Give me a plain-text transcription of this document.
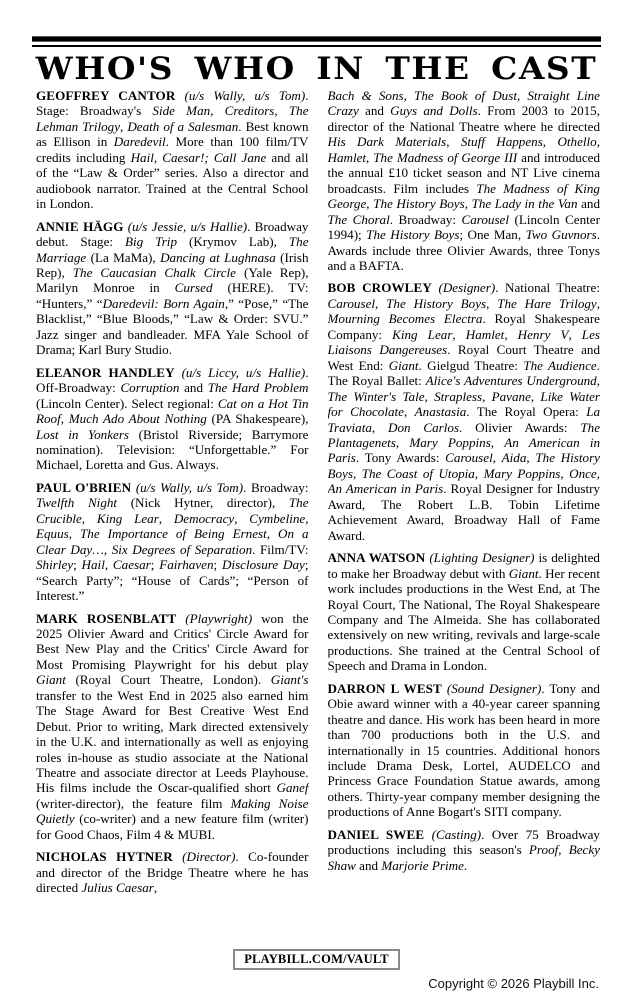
WHO'S WHO IN THE CAST

GEOFFREY CANTOR (u/s Wally, u/s Tom). Stage: Broadway's Side Man, Creditors, The Lehman Trilogy, Death of a Salesman. Best known as Ellison in Daredevil. More than 100 film/TV credits including Hail, Caesar!; Call Jane and all of the “Law & Order” series. Also a director and audiobook narrator. Trained at the Central School in London.

ANNIE HÄGG (u/s Jessie, u/s Hallie). Broadway debut. Stage: Big Trip (Krymov Lab), The Marriage (La MaMa), Dancing at Lughnasa (Irish Rep), The Caucasian Chalk Circle (Yale Rep), Marilyn Monroe in Cursed (HERE). TV: “Hunters,” “Daredevil: Born Again,” “Pose,” “The Blacklist,” “Blue Bloods,” “Law & Order: SVU.” Jazz singer and bandleader. MFA Yale School of Drama; Karl Bury Studio.

ELEANOR HANDLEY (u/s Liccy, u/s Hallie). Off-Broadway: Corruption and The Hard Problem (Lincoln Center). Select regional: Cat on a Hot Tin Roof, Much Ado About Nothing (PA Shakespeare), Lost in Yonkers (Bristol Riverside; Barrymore nomination). Television: “Unforgettable.” For Michael, Loretta and Gus. Always.

PAUL O'BRIEN (u/s Wally, u/s Tom). Broadway: Twelfth Night (Nick Hytner, director), The Crucible, King Lear, Democracy, Cymbeline, Equus, The Importance of Being Ernest, On a Clear Day…, Six Degrees of Separation. Film/TV: Shirley; Hail, Caesar; Fairhaven; Disclosure Day; “Search Party”; “House of Cards”; “Person of Interest.”

MARK ROSENBLATT (Playwright) won the 2025 Olivier Award and Critics' Circle Award for Best New Play and the Critics' Circle Award for Most Promising Playwright for his debut play Giant (Royal Court Theatre, London). Giant's transfer to the West End in 2025 also earned him The Stage Award for Best Creative West End Debut. Prior to writing, Mark directed extensively in the U.K. and internationally as well as enjoying roles in-house as studio associate at the National Theatre and associate director at Leeds Playhouse. His films include the Oscar-qualified short Ganef (writer-director), the feature film Making Noise Quietly (co-writer) and a new feature film (writer) for Good Chaos, Film 4 & MUBI.

NICHOLAS HYTNER (Director). Co-founder and director of the Bridge Theatre where he has directed Julius Caesar,

Bach & Sons, The Book of Dust, Straight Line Crazy and Guys and Dolls. From 2003 to 2015, director of the National Theatre where he directed His Dark Materials, Stuff Happens, Othello, Hamlet, The Madness of George III and introduced the annual £10 ticket season and NT Live cinema broadcasts. Film includes The Madness of King George, The History Boys, The Lady in the Van and The Choral. Broadway: Carousel (Lincoln Center 1994); The History Boys; One Man, Two Guvnors. Awards include three Olivier Awards, three Tonys and a BAFTA.

BOB CROWLEY (Designer). National Theatre: Carousel, The History Boys, The Hare Trilogy, Mourning Becomes Electra. Royal Shakespeare Company: King Lear, Hamlet, Henry V, Les Liaisons Dangereuses. Royal Court Theatre and West End: Giant. Gielgud Theatre: The Audience. The Royal Ballet: Alice's Adventures Underground, The Winter's Tale, Strapless, Pavane, Like Water for Chocolate, Anastasia. The Royal Opera: La Traviata, Don Carlos. Olivier Awards: The Plantagenets, Mary Poppins, An American in Paris. Tony Awards: Carousel, Aida, The History Boys, The Coast of Utopia, Mary Poppins, Once, An American in Paris. Royal Designer for Industry Award, The Robert L.B. Tobin Lifetime Achievement Award, Broadway Hall of Fame Award.

ANNA WATSON (Lighting Designer) is delighted to make her Broadway debut with Giant. Her recent work includes productions in the West End, at The Royal Court, The National, The Royal Shakespeare Company and The Almeida. She has collaborated extensively on new writing, revivals and large-scale productions. She trained at the Central School of Speech and Drama in London.

DARRON L WEST (Sound Designer). Tony and Obie award winner with a 40-year career spanning theatre and dance. His work has been heard in more than 700 productions both in the U.S. and internationally in 15 countries. Additional honors include Drama Desk, Lortel, AUDELCO and Princess Grace Foundation Statue awards, among others. Thirty-year company member designing the productions of Anne Bogart's SITI company.

DANIEL SWEE (Casting). Over 75 Broadway productions including this season's Proof, Becky Shaw and Marjorie Prime.

PLAYBILL.COM/VAULT
Copyright © 2026 Playbill Inc.
